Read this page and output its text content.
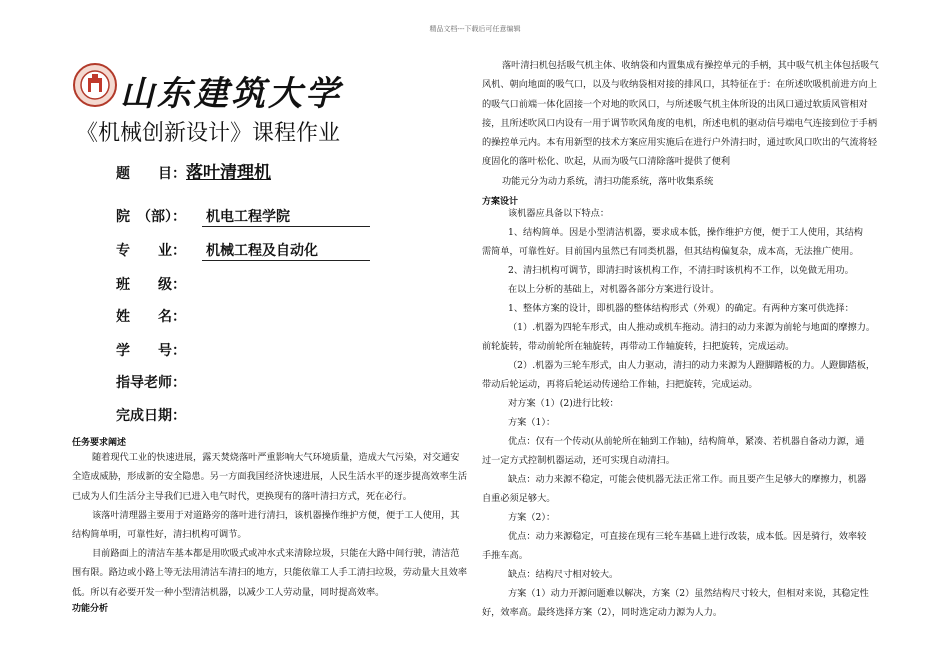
精品文档---下载后可任意编辑
山东建筑大学
《机械创新设计》课程作业
题　　目：落叶清理机
院　（部）： 机电工程学院
专　　业： 机械工程及自动化
班　　级：
姓　　名：
学　　号：
指导老师：
完成日期：
任务要求阐述

随着现代工业的快速进展，露天焚烧落叶严重影响大气环境质量，造成大气污染，对交通安全造成威胁，形成新的安全隐患。另一方面我国经济快速进展，人民生活水平的逐步提高效率生活已成为人们生活分主导我们已进入电气时代，更换现有的落叶清扫方式，死在必行。

该落叶清理器主要用于对道路旁的落叶进行清扫，该机器操作维护方便，便于工人使用，其结构简单明，可靠性好，清扫机构可调节。

目前路面上的清洁车基本都是用吹吸式或冲水式来清除垃圾，只能在大路中间行驶，清洁范围有限。路边或小路上等无法用清洁车清扫的地方，只能依靠工人手工清扫垃圾，劳动量大且效率低。所以有必要开发一种小型清洁机器，以减少工人劳动量，同时提高效率。

功能分析

落叶清扫机包括吸气机主体、收纳袋和内置集成有操控单元的手柄，其中吸气机主体包括吸气风机、朝向地面的吸气口，以及与收纳袋相对接的排风口，其特征在于：在所述吹吸机前进方向上的吸气口前端一体化固接一个对地的吹风口，与所述吸气机主体所设的出风口通过软质风管相对接，且所述吹风口内设有一用于调节吹风角度的电机，所述电机的驱动信号端电气连接到位于手柄的操控单元内。本有用新型的技术方案应用实施后在进行户外清扫时，通过吹风口吹出的气流将轻度固化的落叶松化、吹起，从而为吸气口清除落叶提供了便利

功能元分为动力系统，清扫功能系统，落叶收集系统

方案设计
该机器应具备以下特点：
1、结构简单。因是小型清洁机器，要求成本低，操作维护方便，便于工人使用，其结构
需简单，可靠性好。目前国内虽然已有同类机器，但其结构偏复杂，成本高，无法推广使用。
2、清扫机构可调节，即清扫时该机构工作，不清扫时该机构不工作，以免做无用功。
在以上分析的基础上，对机器各部分方案进行设计。
1、整体方案的设计，即机器的整体结构形式（外观）的确定。有两种方案可供选择：
（1）.机器为四轮车形式，由人推动或机车拖动。清扫的动力来源为前轮与地面的摩擦力。
前轮旋转，带动前轮所在轴旋转，再带动工作轴旋转，扫把旋转，完成运动。
（2）.机器为三轮车形式，由人力驱动，清扫的动力来源为人蹬脚踏板的力。人蹬脚踏板，
带动后轮运动，再将后轮运动传递给工作轴，扫把旋转，完成运动。
对方案（1）(2)进行比较：
方案（1）：
优点：仅有一个传动(从前轮所在轴到工作轴)，结构简单，紧凑、若机器自备动力源，通
过一定方式控制机器运动，还可实现自动清扫。
缺点：动力来源不稳定，可能会使机器无法正常工作。而且要产生足够大的摩擦力，机器
自重必须足够大。
方案（2）：
优点：动力来源稳定，可直接在现有三轮车基础上进行改装，成本低。因是骑行，效率较
手推车高。
缺点：结构尺寸相对较大。
方案（1）动力开源问题难以解决，方案（2）虽然结构尺寸较大，但相对来说，其稳定性
好，效率高。最终选择方案（2），同时选定动力源为人力。
